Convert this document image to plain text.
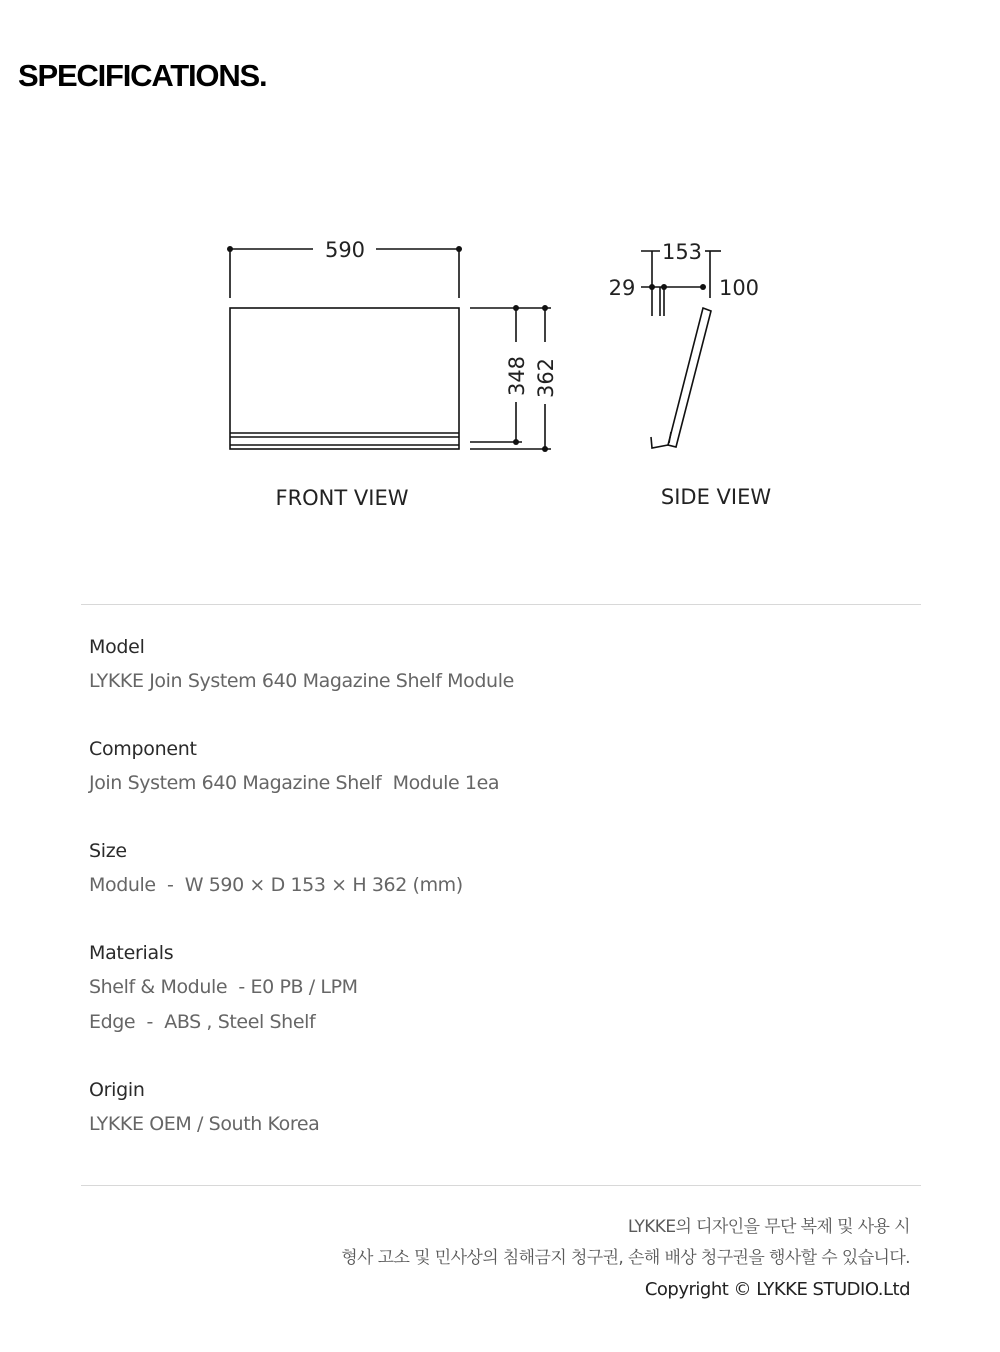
SPECIFICATIONS.
590
348 362
FRONT VIEW
153
29	100
SIDE VIEW
Model
LYKKE Join System 640 Magazine Shelf Module
Component
Join System 640 Magazine Shelf  Module 1ea
Size
Module  -  W 590 × D 153 × H 362 (mm)
Materials
Shelf & Module  - E0 PB / LPM
Edge  -  ABS , Steel Shelf
Origin
LYKKE OEM / South Korea
LYKKE의 디자인을 무단 복제 및 사용 시
형사 고소 및 민사상의 침해금지 청구권, 손해 배상 청구권을 행사할 수 있습니다.
Copyright © LYKKE STUDIO.Ltd
